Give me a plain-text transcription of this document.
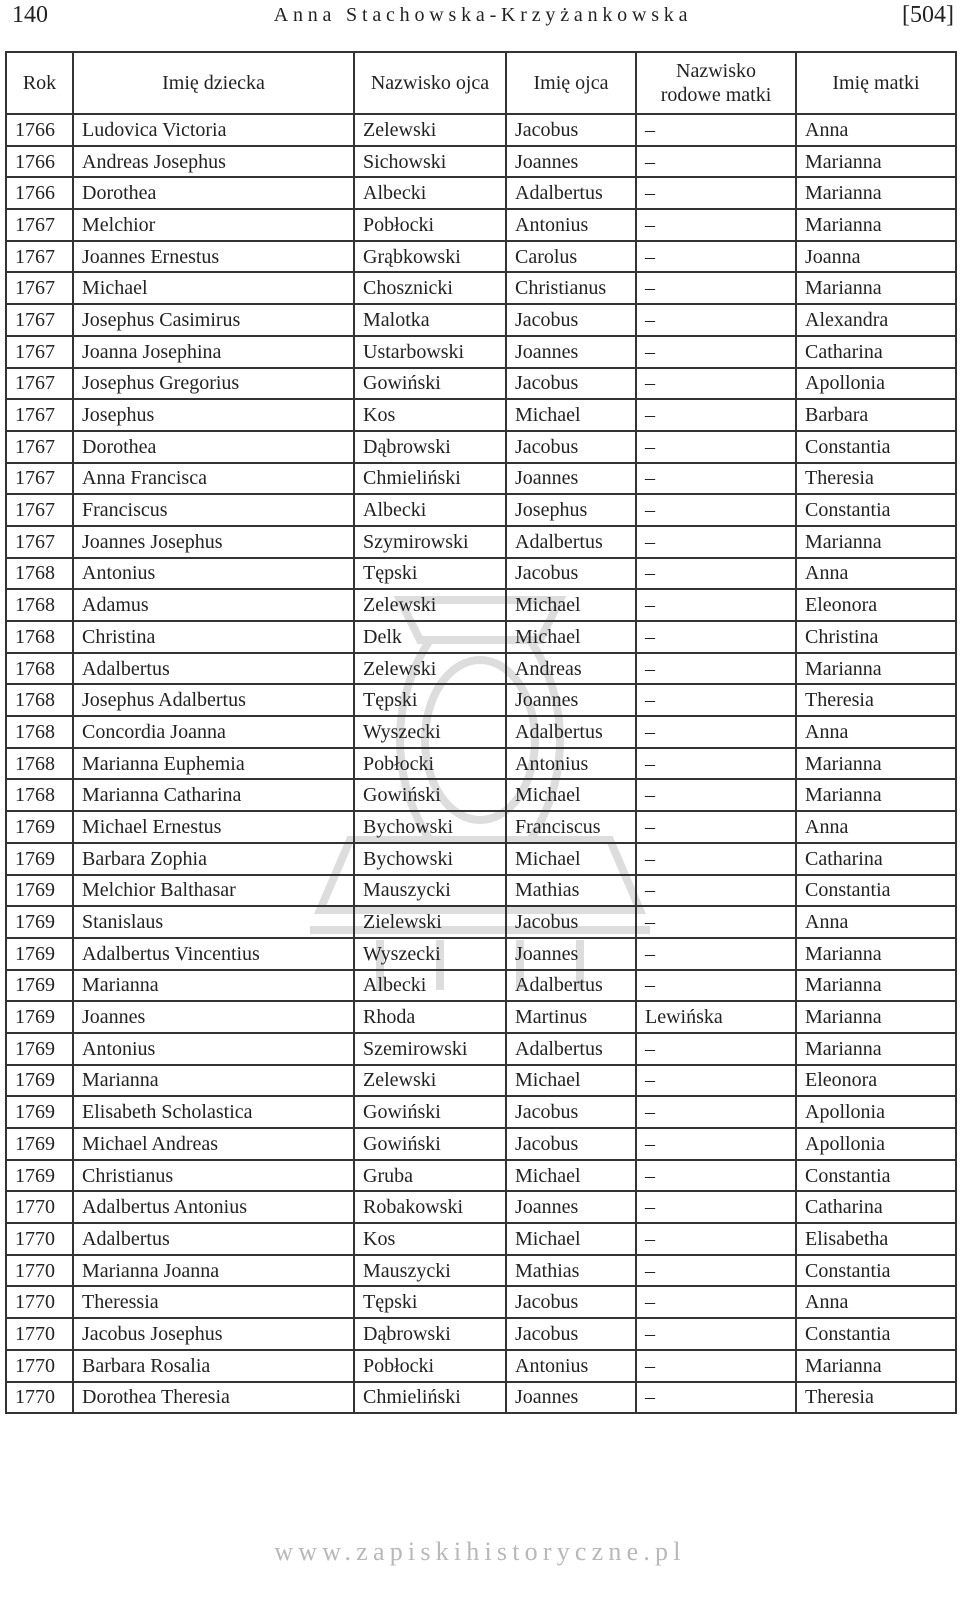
140	Anna Stachowska-Krzyżankowska	[504]
Rok	Imię dziecka	Nazwisko ojca	Imię ojca	Nazwisko
rodowe matki	Imię matki
1766	Ludovica Victoria	Zelewski	Jacobus	–	Anna
1766	Andreas Josephus	Sichowski	Joannes	–	Marianna
1766	Dorothea	Albecki	Adalbertus	–	Marianna
1767	Melchior	Pobłocki	Antonius	–	Marianna
1767	Joannes Ernestus	Grąbkowski	Carolus	–	Joanna
1767	Michael	Chosznicki	Christianus	–	Marianna
1767	Josephus Casimirus	Malotka	Jacobus	–	Alexandra
1767	Joanna Josephina	Ustarbowski	Joannes	–	Catharina
1767	Josephus Gregorius	Gowiński	Jacobus	–	Apollonia
1767	Josephus	Kos	Michael	–	Barbara
1767	Dorothea	Dąbrowski	Jacobus	–	Constantia
1767	Anna Francisca	Chmieliński	Joannes	–	Theresia
1767	Franciscus	Albecki	Josephus	–	Constantia
1767	Joannes Josephus	Szymirowski	Adalbertus	–	Marianna
1768	Antonius	Tępski	Jacobus	–	Anna
1768	Adamus	Zelewski	Michael	–	Eleonora
1768	Christina	Delk	Michael	–	Christina
1768	Adalbertus	Zelewski	Andreas	–	Marianna
1768	Josephus Adalbertus	Tępski	Joannes	–	Theresia
1768	Concordia Joanna	Wyszecki	Adalbertus	–	Anna
1768	Marianna Euphemia	Pobłocki	Antonius	–	Marianna
1768	Marianna Catharina	Gowiński	Michael	–	Marianna
1769	Michael Ernestus	Bychowski	Franciscus	–	Anna
1769	Barbara Zophia	Bychowski	Michael	–	Catharina
1769	Melchior Balthasar	Mauszycki	Mathias	–	Constantia
1769	Stanislaus	Zielewski	Jacobus	–	Anna
1769	Adalbertus Vincentius	Wyszecki	Joannes	–	Marianna
1769	Marianna	Albecki	Adalbertus	–	Marianna
1769	Joannes	Rhoda	Martinus	Lewińska	Marianna
1769	Antonius	Szemirowski	Adalbertus	–	Marianna
1769	Marianna	Zelewski	Michael	–	Eleonora
1769	Elisabeth Scholastica	Gowiński	Jacobus	–	Apollonia
1769	Michael Andreas	Gowiński	Jacobus	–	Apollonia
1769	Christianus	Gruba	Michael	–	Constantia
1770	Adalbertus Antonius	Robakowski	Joannes	–	Catharina
1770	Adalbertus	Kos	Michael	–	Elisabetha
1770	Marianna Joanna	Mauszycki	Mathias	–	Constantia
1770	Theressia	Tępski	Jacobus	–	Anna
1770	Jacobus Josephus	Dąbrowski	Jacobus	–	Constantia
1770	Barbara Rosalia	Pobłocki	Antonius	–	Marianna
1770	Dorothea Theresia	Chmieliński	Joannes	–	Theresia
www.zapiskihistoryczne.pl
